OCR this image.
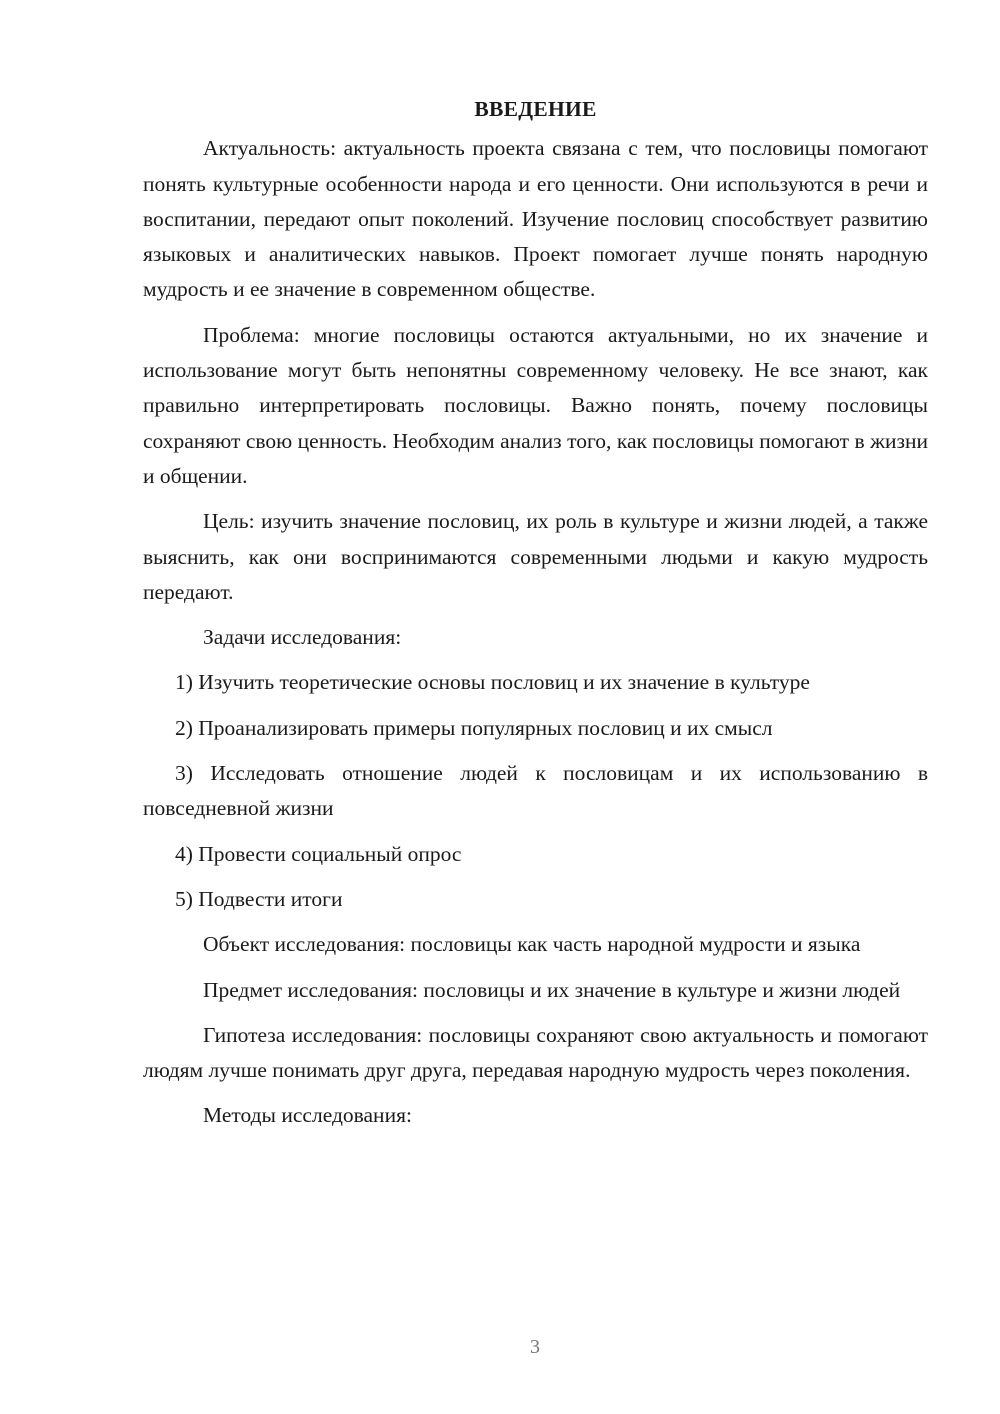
ВВЕДЕНИЕ

Актуальность: актуальность проекта связана с тем, что пословицы помогают понять культурные особенности народа и его ценности. Они используются в речи и воспитании, передают опыт поколений. Изучение пословиц способствует развитию языковых и аналитических навыков. Проект помогает лучше понять народную мудрость и ее значение в современном обществе.

Проблема: многие пословицы остаются актуальными, но их значение и использование могут быть непонятны современному человеку. Не все знают, как правильно интерпретировать пословицы. Важно понять, почему пословицы сохраняют свою ценность. Необходим анализ того, как пословицы помогают в жизни и общении.

Цель: изучить значение пословиц, их роль в культуре и жизни людей, а также выяснить, как они воспринимаются современными людьми и какую мудрость передают.

Задачи исследования:

1) Изучить теоретические основы пословиц и их значение в культуре

2) Проанализировать примеры популярных пословиц и их смысл

3) Исследовать отношение людей к пословицам и их использованию в повседневной жизни

4) Провести социальный опрос

5) Подвести итоги

Объект исследования: пословицы как часть народной мудрости и языка

Предмет исследования: пословицы и их значение в культуре и жизни людей

Гипотеза исследования: пословицы сохраняют свою актуальность и помогают людям лучше понимать друг друга, передавая народную мудрость через поколения.

Методы исследования:

3
